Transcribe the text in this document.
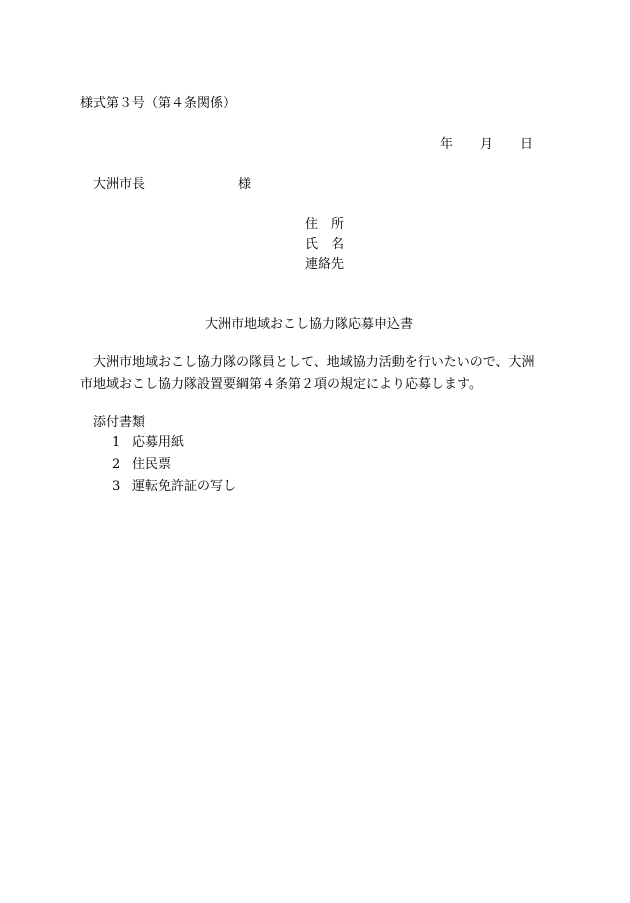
様式第３号（第４条関係）
年 月 日
大洲市長	様
住　所
氏　名
連絡先
大洲市地域おこし協力隊応募申込書
　大洲市地域おこし協力隊の隊員として、地域協力活動を行いたいので、大洲
市地域おこし協力隊設置要綱第４条第２項の規定により応募します。
添付書類
1 応募用紙
2 住民票
3 運転免許証の写し
